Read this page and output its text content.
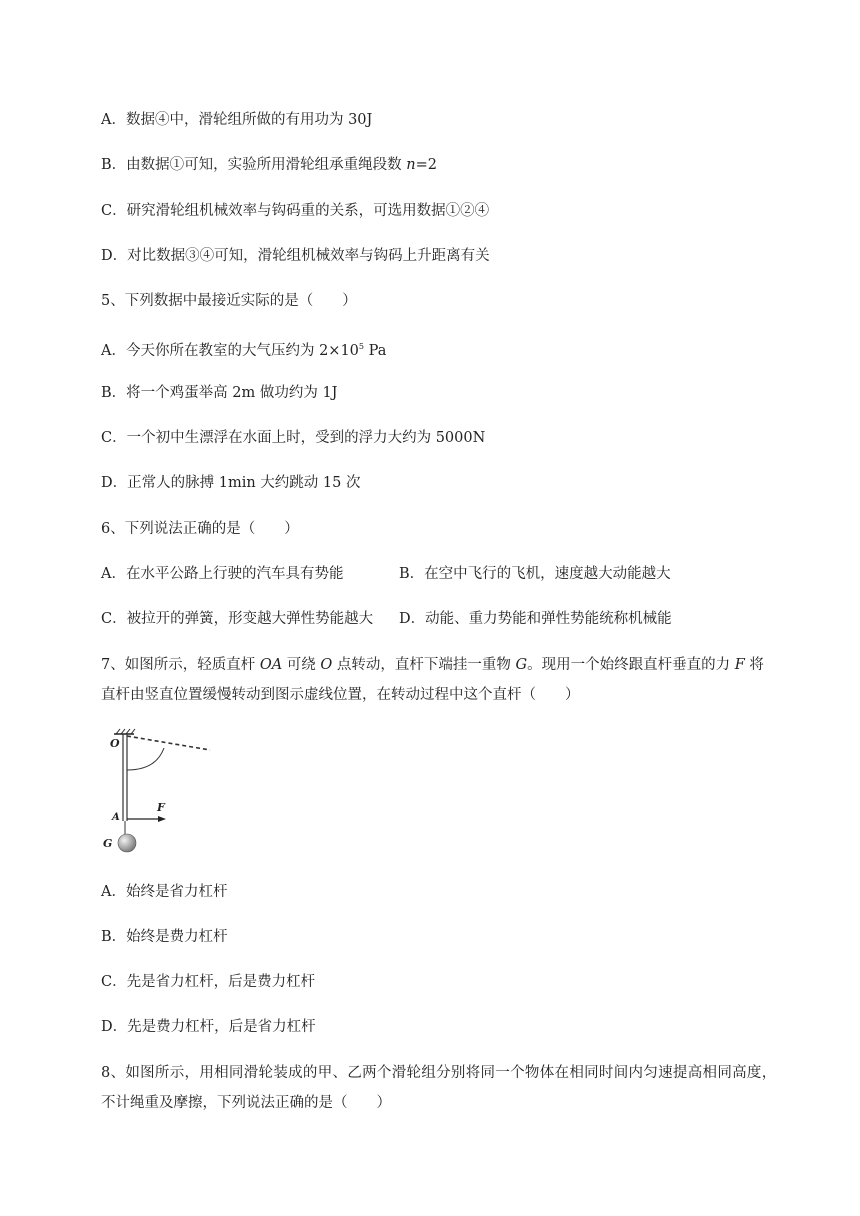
A．数据④中，滑轮组所做的有用功为 30J
B．由数据①可知，实验所用滑轮组承重绳段数 n=2
C．研究滑轮组机械效率与钩码重的关系，可选用数据①②④
D．对比数据③④可知，滑轮组机械效率与钩码上升距离有关
5、下列数据中最接近实际的是（　　）
A．今天你所在教室的大气压约为 $2\times 10^5$ Pa
B．将一个鸡蛋举高 2m 做功约为 1J
C．一个初中生漂浮在水面上时，受到的浮力大约为 5000N
D．正常人的脉搏 1min 大约跳动 15 次
6、下列说法正确的是（　　）
A．在水平公路上行驶的汽车具有势能	B．在空中飞行的飞机，速度越大动能越大
C．被拉开的弹簧，形变越大弹性势能越大 D．动能、重力势能和弹性势能统称机械能
7、如图所示，轻质直杆 OA 可绕 O 点转动，直杆下端挂一重物 G。现用一个始终跟直杆垂直的力 F 将
直杆由竖直位置缓慢转动到图示虚线位置，在转动过程中这个直杆（　　）
O
A
F
G
A．始终是省力杠杆
B．始终是费力杠杆
C．先是省力杠杆，后是费力杠杆
D．先是费力杠杆，后是省力杠杆
8、如图所示，用相同滑轮装成的甲、乙两个滑轮组分别将同一个物体在相同时间内匀速提高相同高度，
不计绳重及摩擦，下列说法正确的是（　　）
